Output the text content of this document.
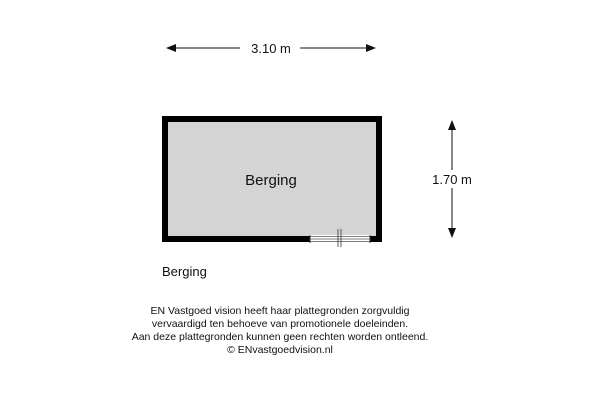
3.10 m
1.70 m
Berging
Berging
EN Vastgoed vision heeft haar plattegronden zorgvuldig
vervaardigd ten behoeve van promotionele doeleinden.
Aan deze plattegronden kunnen geen rechten worden ontleend.
© ENvastgoedvision.nl
